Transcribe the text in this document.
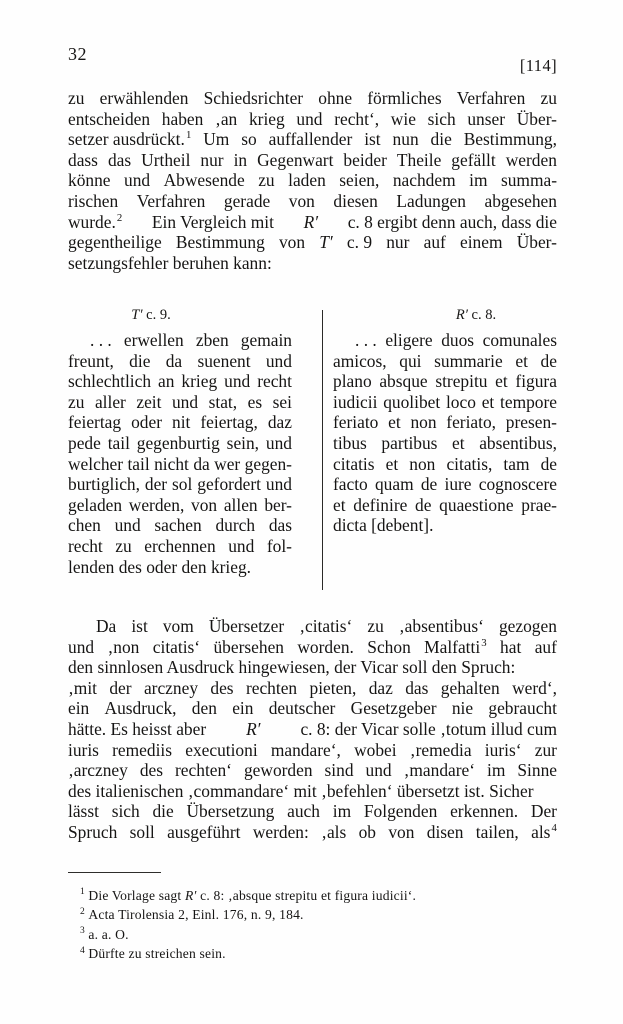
32
[114]
zu erwählenden Schiedsrichter ohne förmliches Verfahren zu
entscheiden haben ‚an krieg und recht‘, wie sich unser Über-
setzer ausdrückt.$^1$ Um so auffallender ist nun die Bestimmung,
dass das Urtheil nur in Gegenwart beider Theile gefällt werden
könne und Abwesende zu laden seien, nachdem im summa-
rischen Verfahren gerade von diesen Ladungen abgesehen
wurde.$^2$ Ein Vergleich mit R′ c. 8 ergibt denn auch, dass die
gegentheilige Bestimmung von T′ c. 9 nur auf einem Über-
setzungsfehler beruhen kann:
T′ c. 9.
. . . erwellen zben gemain
freunt, die da suenent und
schlechtlich an krieg und recht
zu aller zeit und stat, es sei
feiertag oder nit feiertag, daz
pede tail gegenburtig sein, und
welcher tail nicht da wer gegen-
burtiglich, der sol gefordert und
geladen werden, von allen ber-
chen und sachen durch das
recht zu erchennen und fol-
lenden des oder den krieg.
R′ c. 8.
. . . eligere duos comunales
amicos, qui summarie et de
plano absque strepitu et figura
iudicii quolibet loco et tempore
feriato et non feriato, presen-
tibus partibus et absentibus,
citatis et non citatis, tam de
facto quam de iure cognoscere
et definire de quaestione prae-
dicta [debent].
Da ist vom Übersetzer ‚citatis‘ zu ‚absentibus‘ gezogen
und ‚non citatis‘ übersehen worden. Schon Malfatti$^3$ hat auf
den sinnlosen Ausdruck hingewiesen, der Vicar soll den Spruch:
‚mit der arczney des rechten pieten, daz das gehalten werd‘,
ein Ausdruck, den ein deutscher Gesetzgeber nie gebraucht
hätte. Es heisst aber R′ c. 8: der Vicar solle ‚totum illud cum
iuris remediis executioni mandare‘, wobei ‚remedia iuris‘ zur
‚arczney des rechten‘ geworden sind und ‚mandare‘ im Sinne
des italienischen ‚commandare‘ mit ‚befehlen‘ übersetzt ist. Sicher
lässt sich die Übersetzung auch im Folgenden erkennen. Der
Spruch soll ausgeführt werden: ‚als ob von disen tailen, als$^4$
$^1$ Die Vorlage sagt R′ c. 8: ‚absque strepitu et figura iudicii‘.
$^2$ Acta Tirolensia 2, Einl. 176, n. 9, 184.
$^3$ a. a. O.
$^4$ Dürfte zu streichen sein.
